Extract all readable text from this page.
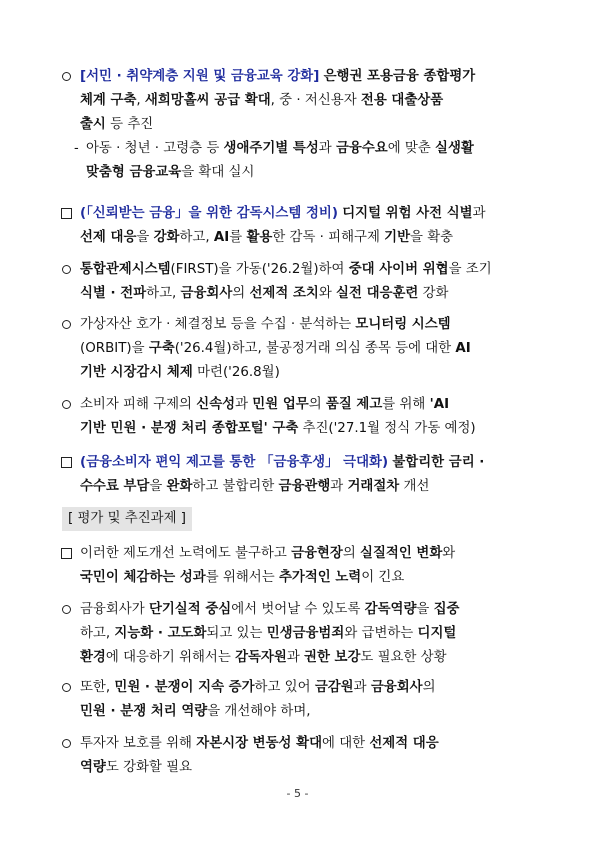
[서민 · 취약계층 지원 및 금융교육 강화] 은행권 포용금융 종합평가
체계 구축, 새희망홀씨 공급 확대, 중 · 저신용자 전용 대출상품
출시 등 추진
- 아동 · 청년 · 고령층 등 생애주기별 특성과 금융수요에 맞춘 실생활
맞춤형 금융교육을 확대 실시
(「신뢰받는 금융」을 위한 감독시스템 정비) 디지털 위험 사전 식별과
선제 대응을 강화하고, AI를 활용한 감독 · 피해구제 기반을 확충
통합관제시스템(FIRST)을 가동('26.2월)하여 중대 사이버 위협을 조기
식별 · 전파하고, 금융회사의 선제적 조치와 실전 대응훈련 강화
가상자산 호가 · 체결정보 등을 수집 · 분석하는 모니터링 시스템
(ORBIT)을 구축('26.4월)하고, 불공정거래 의심 종목 등에 대한 AI
기반 시장감시 체제 마련('26.8월)
소비자 피해 구제의 신속성과 민원 업무의 품질 제고를 위해 'AI
기반 민원 · 분쟁 처리 종합포털' 구축 추진('27.1월 정식 가동 예정)
(금융소비자 편익 제고를 통한 「금융후생」 극대화) 불합리한 금리 ·
수수료 부담을 완화하고 불합리한 금융관행과 거래절차 개선
[ 평가 및 추진과제 ]
이러한 제도개선 노력에도 불구하고 금융현장의 실질적인 변화와
국민이 체감하는 성과를 위해서는 추가적인 노력이 긴요
금융회사가 단기실적 중심에서 벗어날 수 있도록 감독역량을 집중
하고, 지능화 · 고도화되고 있는 민생금융범죄와 급변하는 디지털
환경에 대응하기 위해서는 감독자원과 권한 보강도 필요한 상황
또한, 민원 · 분쟁이 지속 증가하고 있어 금감원과 금융회사의
민원 · 분쟁 처리 역량을 개선해야 하며,
투자자 보호를 위해 자본시장 변동성 확대에 대한 선제적 대응
역량도 강화할 필요
- 5 -
